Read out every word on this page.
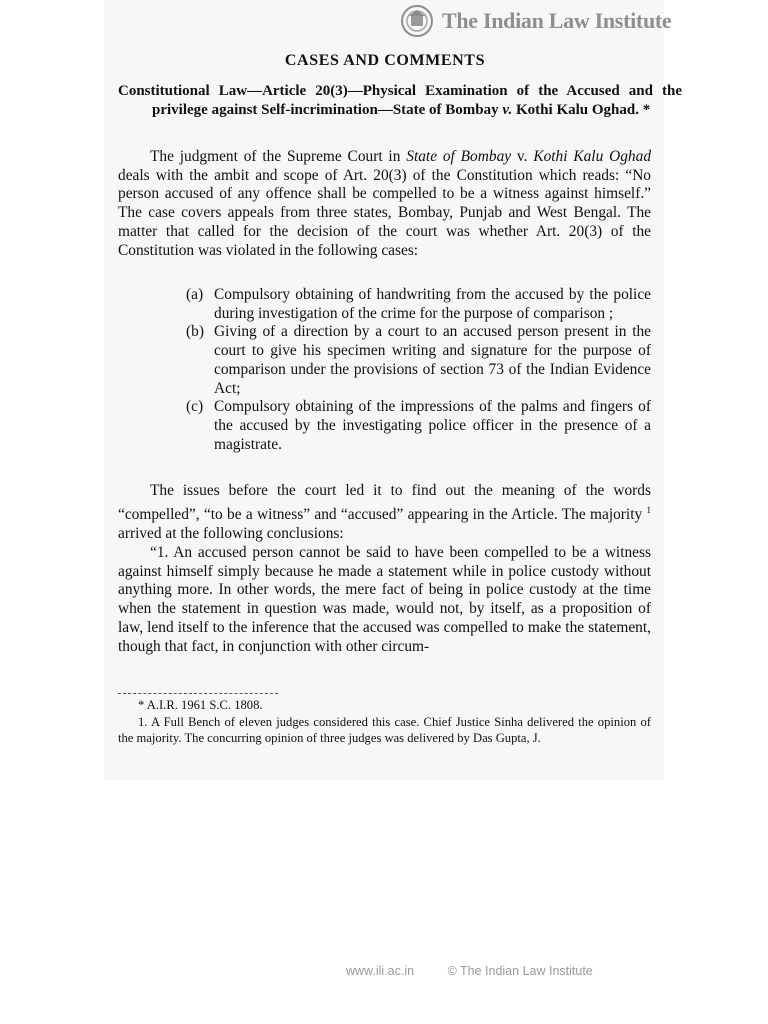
The Indian Law Institute
CASES AND COMMENTS
Constitutional Law—Article 20(3)—Physical Examination of the Accused and the privilege against Self-incrimination—State of Bombay v. Kothi Kalu Oghad. *
The judgment of the Supreme Court in State of Bombay v. Kothi Kalu Oghad deals with the ambit and scope of Art. 20(3) of the Constitution which reads: “No person accused of any offence shall be compelled to be a witness against himself.” The case covers appeals from three states, Bombay, Punjab and West Bengal. The matter that called for the decision of the court was whether Art. 20(3) of the Constitution was violated in the following cases:
(a) Compulsory obtaining of handwriting from the accused by the police during investigation of the crime for the purpose of comparison ;
(b) Giving of a direction by a court to an accused person present in the court to give his specimen writing and signature for the purpose of comparison under the provisions of section 73 of the Indian Evidence Act;
(c) Compulsory obtaining of the impressions of the palms and fingers of the accused by the investigating police officer in the presence of a magistrate.
The issues before the court led it to find out the meaning of the words “compelled”, “to be a witness” and “accused” appearing in the Article. The majority $^1$ arrived at the following conclusions:
“1. An accused person cannot be said to have been compelled to be a witness against himself simply because he made a statement while in police custody without anything more. In other words, the mere fact of being in police custody at the time when the statement in question was made, would not, by itself, as a proposition of law, lend itself to the inference that the accused was compelled to make the statement, though that fact, in conjunction with other circum-
* A.I.R. 1961 S.C. 1808.
1. A Full Bench of eleven judges considered this case. Chief Justice Sinha delivered the opinion of the majority. The concurring opinion of three judges was delivered by Das Gupta, J.
www.ili.ac.in	© The Indian Law Institute
